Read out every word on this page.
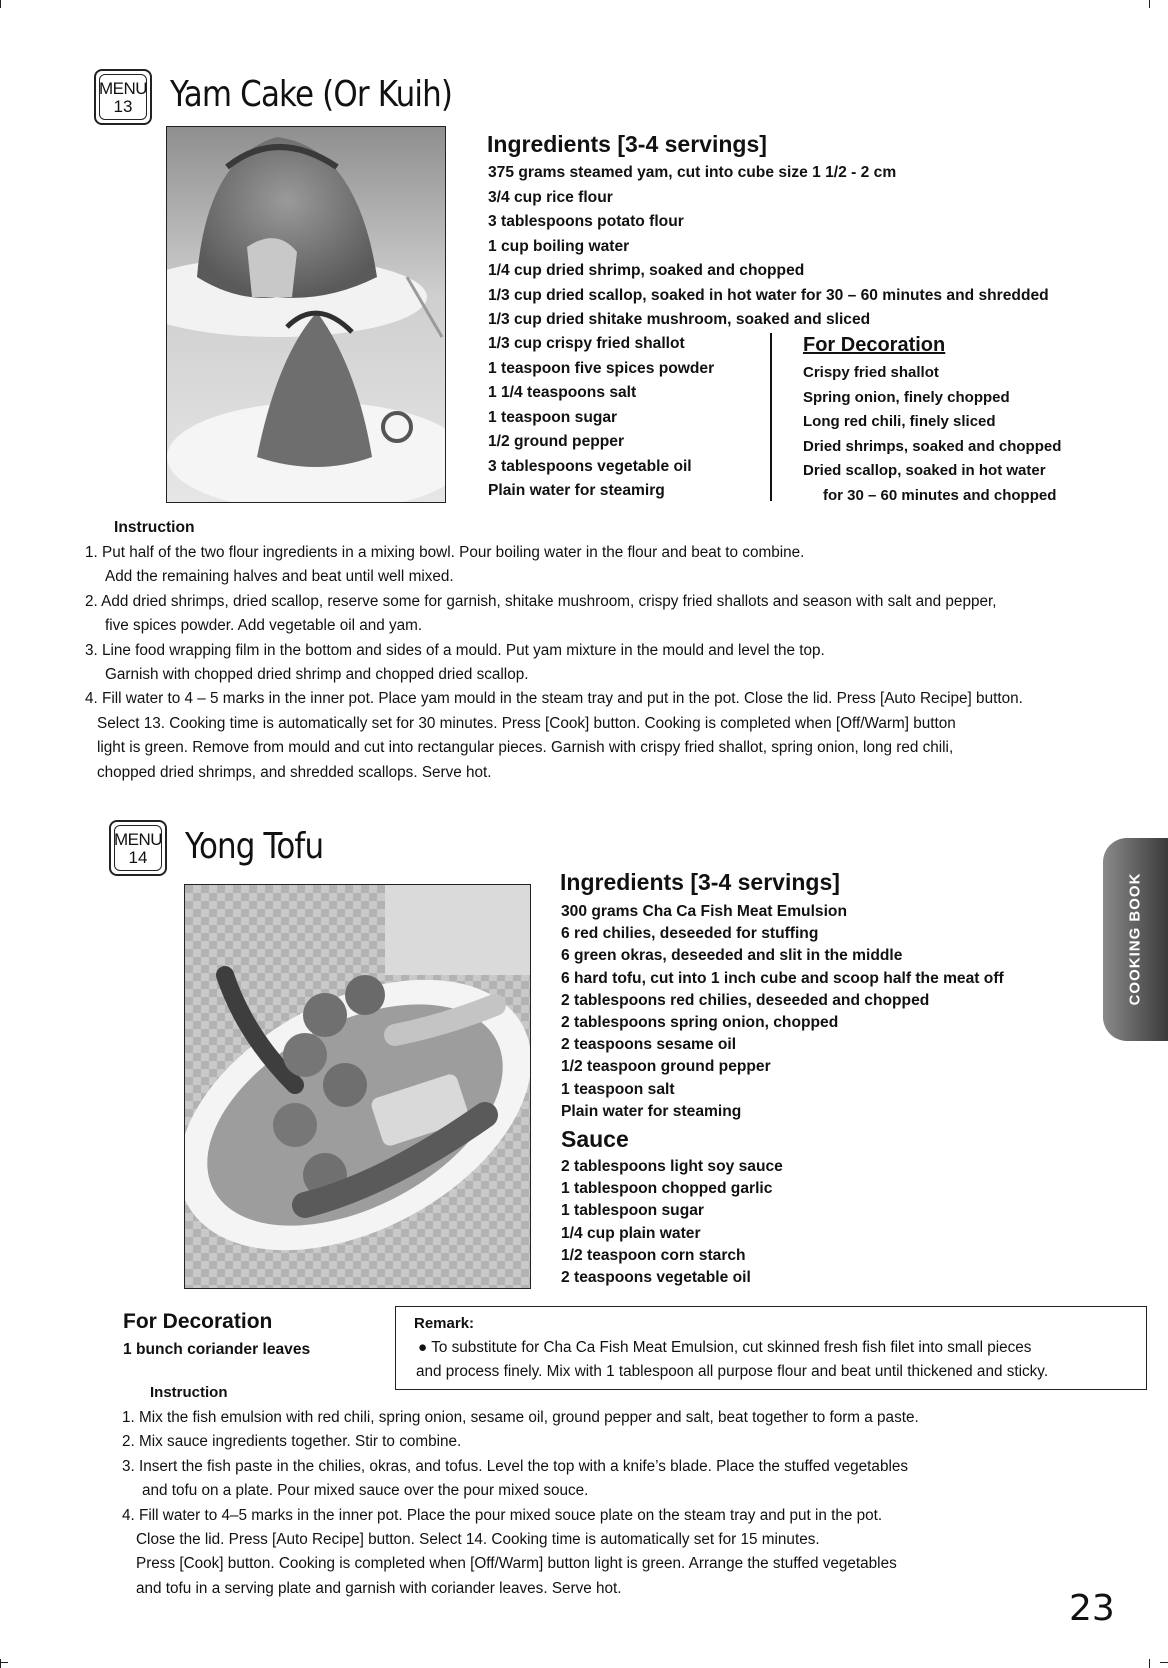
MENU
13	Yam Cake (Or Kuih)
Ingredients [3-4 servings]
375 grams steamed yam, cut into cube size 1 1/2 - 2 cm
3/4 cup rice flour
3 tablespoons potato flour
1 cup boiling water
1/4 cup dried shrimp, soaked and chopped
1/3 cup dried scallop, soaked in hot water for 30 – 60 minutes and shredded
1/3 cup dried shitake mushroom, soaked and sliced
1/3 cup crispy fried shallot
1 teaspoon five spices powder
1 1/4 teaspoons salt
1 teaspoon sugar
1/2 ground pepper
3 tablespoons vegetable oil
Plain water for steamirg
For Decoration
Crispy fried shallot
Spring onion, finely chopped
Long red chili, finely sliced
Dried shrimps, soaked and chopped
Dried scallop, soaked in hot water
for 30 – 60 minutes and chopped
Instruction
1. Put half of the two flour ingredients in a mixing bowl. Pour boiling water in the flour and beat to combine.
Add the remaining halves and beat until well mixed.
2. Add dried shrimps, dried scallop, reserve some for garnish, shitake mushroom, crispy fried shallots and season with salt and pepper,
five spices powder. Add vegetable oil and yam.
3. Line food wrapping film in the bottom and sides of a mould. Put yam mixture in the mould and level the top.
Garnish with chopped dried shrimp and chopped dried scallop.
4. Fill water to 4 – 5 marks in the inner pot. Place yam mould in the steam tray and put in the pot. Close the lid. Press [Auto Recipe] button.
Select 13. Cooking time is automatically set for 30 minutes. Press [Cook] button. Cooking is completed when [Off/Warm] button
light is green. Remove from mould and cut into rectangular pieces. Garnish with crispy fried shallot, spring onion, long red chili,
chopped dried shrimps, and shredded scallops. Serve hot.
MENU
14	Yong Tofu
Ingredients [3-4 servings]
300 grams Cha Ca Fish Meat Emulsion
6 red chilies, deseeded for stuffing
6 green okras, deseeded and slit in the middle
6 hard tofu, cut into 1 inch cube and scoop half the meat off
2 tablespoons red chilies, deseeded and chopped
2 tablespoons spring onion, chopped
2 teaspoons sesame oil
1/2 teaspoon ground pepper
1 teaspoon salt
Plain water for steaming
Sauce
2 tablespoons light soy sauce
1 tablespoon chopped garlic
1 tablespoon sugar
1/4 cup plain water
1/2 teaspoon corn starch
2 teaspoons vegetable oil
For Decoration
1 bunch coriander leaves
Remark:
● To substitute for Cha Ca Fish Meat Emulsion, cut skinned fresh fish filet into small pieces
and process finely. Mix with 1 tablespoon all purpose flour and beat until thickened and sticky.
Instruction
1. Mix the fish emulsion with red chili, spring onion, sesame oil, ground pepper and salt, beat together to form a paste.
2. Mix sauce ingredients together. Stir to combine.
3. Insert the fish paste in the chilies, okras, and tofus. Level the top with a knife’s blade. Place the stuffed vegetables
and tofu on a plate. Pour mixed sauce over the pour mixed souce.
4. Fill water to 4–5 marks in the inner pot. Place the pour mixed souce plate on the steam tray and put in the pot.
Close the lid. Press [Auto Recipe] button. Select 14. Cooking time is automatically set for 15 minutes.
Press [Cook] button. Cooking is completed when [Off/Warm] button light is green. Arrange the stuffed vegetables
and tofu in a serving plate and garnish with coriander leaves. Serve hot.
COOKING BOOK
23
